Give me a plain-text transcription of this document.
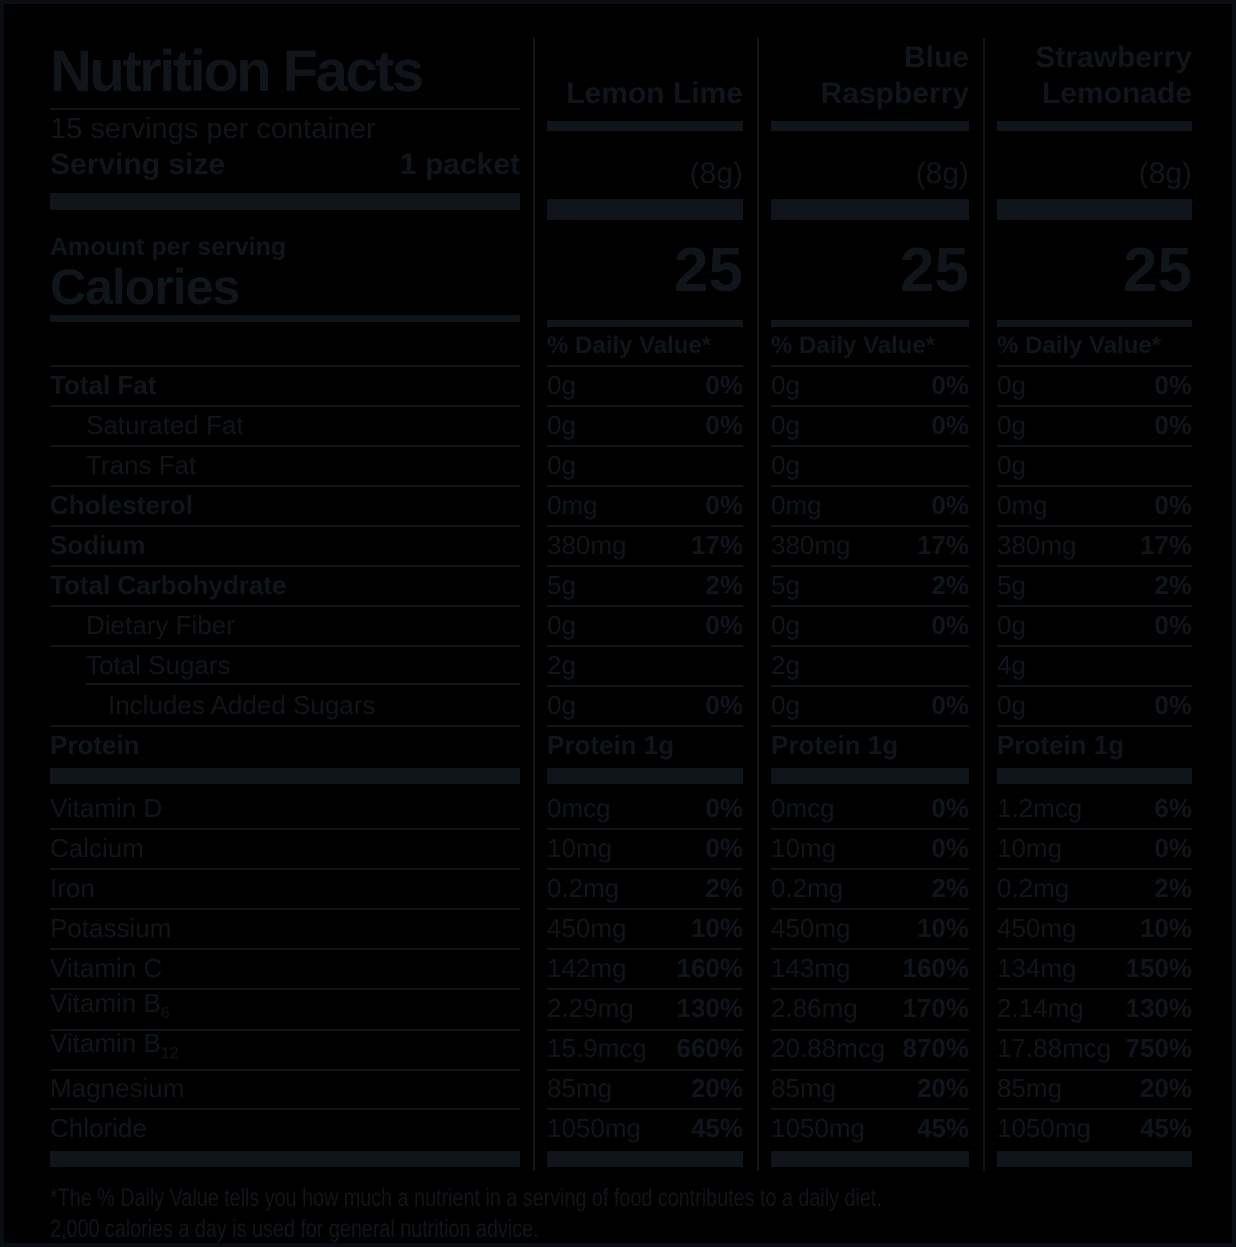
Nutrition Facts
15 servings per container
Serving size	1 packet
Lemon Lime
(8g)
Blue Raspberry
(8g)
Strawberry Lemonade
(8g)
Amount per serving
Calories	25	25	25
% Daily Value*	% Daily Value*	% Daily Value*
Total Fat	0g	0% 0g	0% 0g	0%
Saturated Fat	0g	0% 0g	0% 0g	0%
Trans Fat	0g	0g	0g
Cholesterol	0mg	0% 0mg	0% 0mg	0%
Sodium	380mg 17% 380mg	17% 380mg 17%
Total Carbohydrate	5g	2% 5g	2% 5g	2%
Dietary Fiber	0g	0% 0g	0% 0g	0%
Total Sugars	2g	2g	4g
Includes Added Sugars	0g	0% 0g	0% 0g	0%
Protein	Protein 1g	Protein 1g	Protein 1g
Vitamin D	0mcg	0% 0mcg	0% 1.2mcg	6%
Calcium	10mg	0% 10mg	0% 10mg	0%
Iron	0.2mg	2% 0.2mg	2% 0.2mg	2%
Potassium	450mg 10% 450mg	10% 450mg 10%
Vitamin C	142mg 160% 143mg 160% 134mg 150%
Vitamin $B_6$	2.29mg 130% 2.86mg 170% 2.14mg 130%
Vitamin $B_{12}$	15.9mcg 660% 20.88mcg 870% 17.88mcg 750%
Magnesium	85mg	20% 85mg	20% 85mg	20%
Chloride	1050mg 45% 1050mg 45% 1050mg 45%
*The % Daily Value tells you how much a nutrient in a serving of food contributes to a daily diet.
2,000 calories a day is used for general nutrition advice.
